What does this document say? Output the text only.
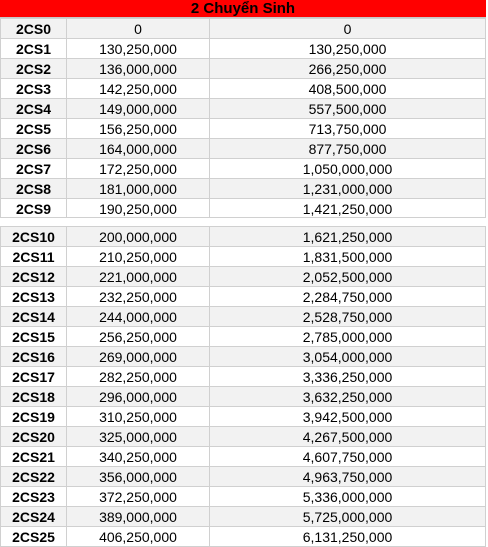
2 Chuyển Sinh
2CS0	0	0
2CS1	130,250,000	130,250,000
2CS2	136,000,000	266,250,000
2CS3	142,250,000	408,500,000
2CS4	149,000,000	557,500,000
2CS5	156,250,000	713,750,000
2CS6	164,000,000	877,750,000
2CS7	172,250,000	1,050,000,000
2CS8	181,000,000	1,231,000,000
2CS9	190,250,000	1,421,250,000
2CS10	200,000,000	1,621,250,000
2CS11	210,250,000	1,831,500,000
2CS12	221,000,000	2,052,500,000
2CS13	232,250,000	2,284,750,000
2CS14	244,000,000	2,528,750,000
2CS15	256,250,000	2,785,000,000
2CS16	269,000,000	3,054,000,000
2CS17	282,250,000	3,336,250,000
2CS18	296,000,000	3,632,250,000
2CS19	310,250,000	3,942,500,000
2CS20	325,000,000	4,267,500,000
2CS21	340,250,000	4,607,750,000
2CS22	356,000,000	4,963,750,000
2CS23	372,250,000	5,336,000,000
2CS24	389,000,000	5,725,000,000
2CS25	406,250,000	6,131,250,000
